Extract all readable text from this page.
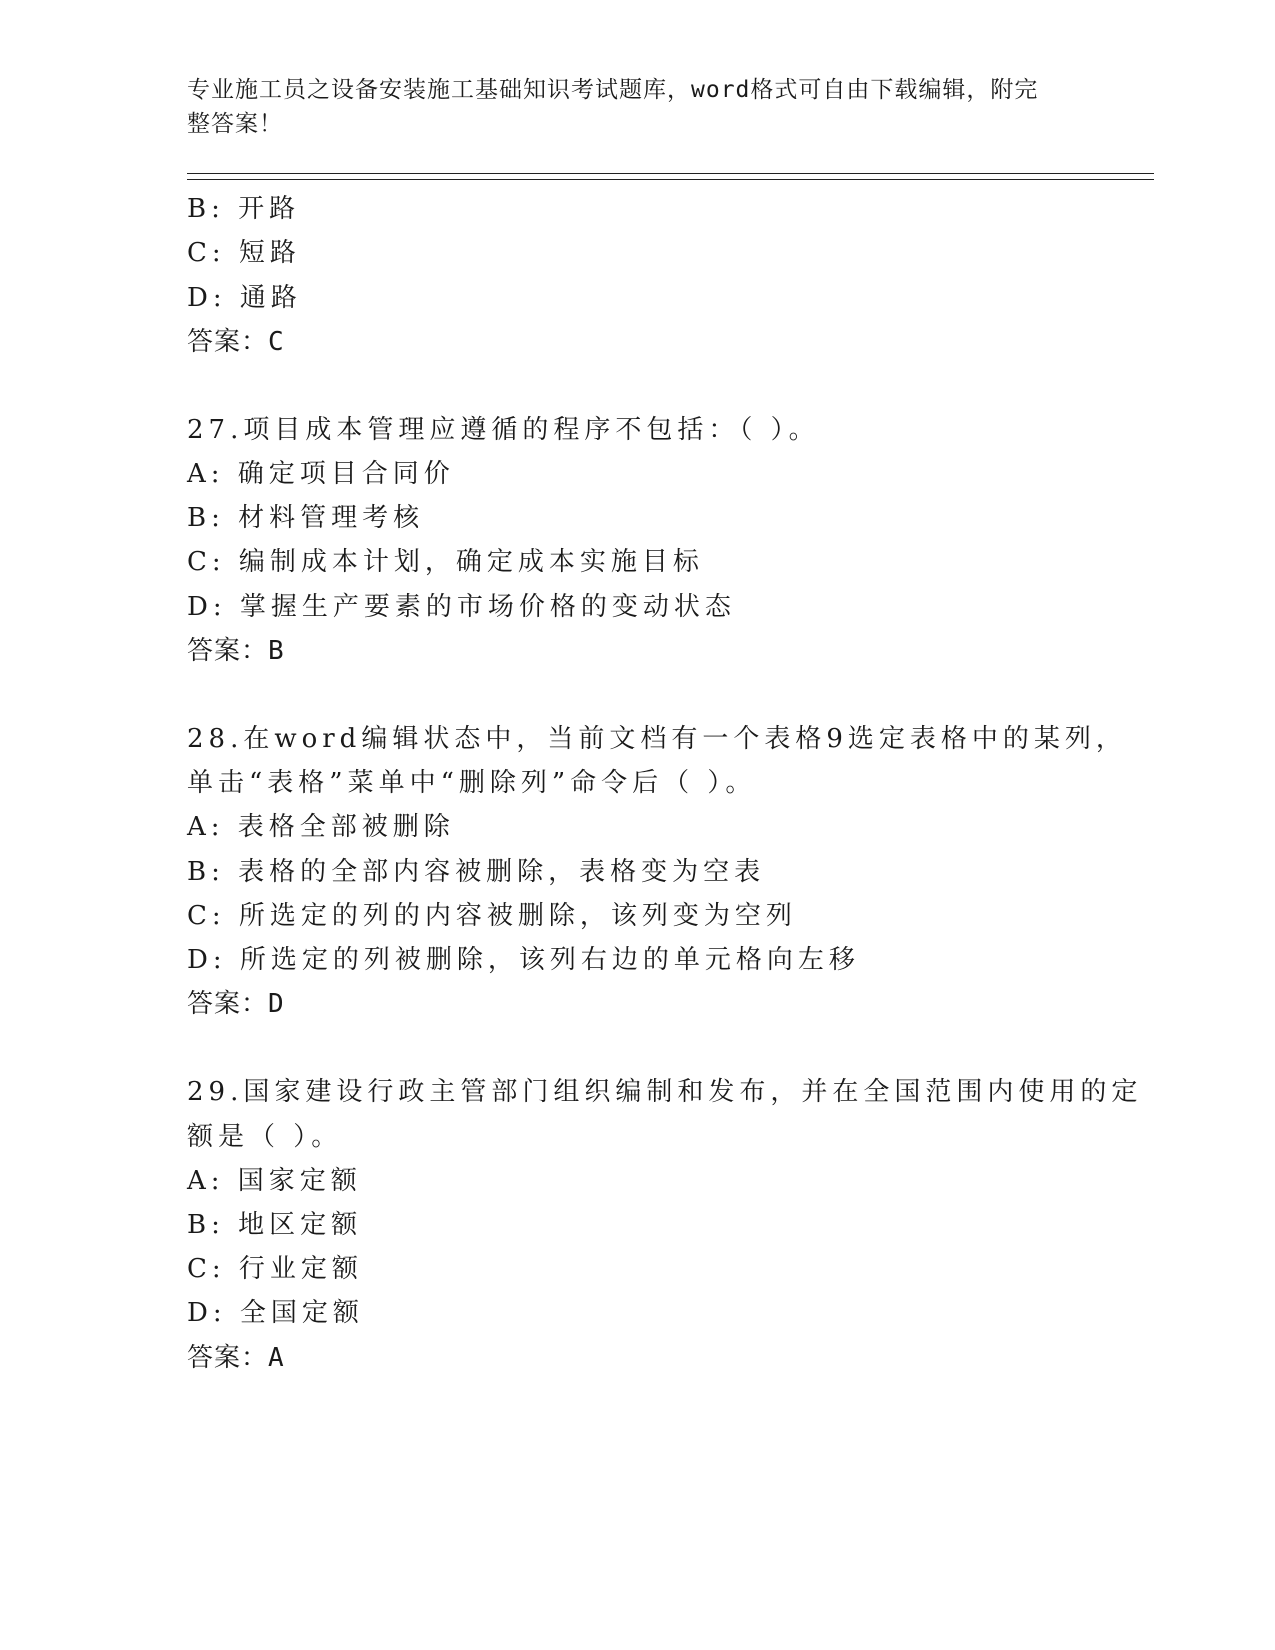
专业施工员之设备安装施工基础知识考试题库，word格式可自由下载编辑，附完
整答案！
B: 开路
C: 短路
D: 通路
答案：C
27.项目成本管理应遵循的程序不包括：（ ）。
A: 确定项目合同价
B: 材料管理考核
C: 编制成本计划，确定成本实施目标
D: 掌握生产要素的市场价格的变动状态
答案：B
28.在word编辑状态中，当前文档有一个表格9选定表格中的某列，
单击“表格”菜单中“删除列”命令后（ ）。
A: 表格全部被删除
B: 表格的全部内容被删除，表格变为空表
C: 所选定的列的内容被删除，该列变为空列
D: 所选定的列被删除，该列右边的单元格向左移
答案：D
29.国家建设行政主管部门组织编制和发布，并在全国范围内使用的定
额是（ ）。
A: 国家定额
B: 地区定额
C: 行业定额
D: 全国定额
答案：A
